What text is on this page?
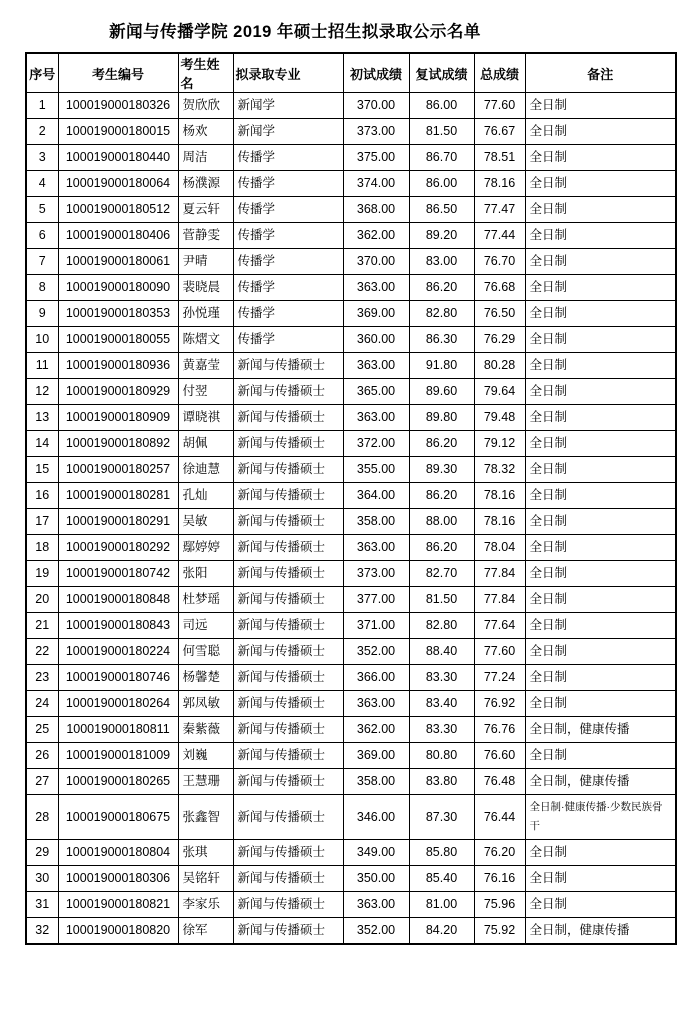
新闻与传播学院 2019 年硕士招生拟录取公示名单
序号	考生编号	考生姓名	拟录取专业	初试成绩	复试成绩	总成绩	备注
1	100019000180326	贺欣欣	新闻学	370.00	86.00	77.60	全日制
2	100019000180015	杨欢	新闻学	373.00	81.50	76.67	全日制
3	100019000180440	周洁	传播学	375.00	86.70	78.51	全日制
4	100019000180064	杨濮源	传播学	374.00	86.00	78.16	全日制
5	100019000180512	夏云轩	传播学	368.00	86.50	77.47	全日制
6	100019000180406	菅静雯	传播学	362.00	89.20	77.44	全日制
7	100019000180061	尹晴	传播学	370.00	83.00	76.70	全日制
8	100019000180090	裴晓晨	传播学	363.00	86.20	76.68	全日制
9	100019000180353	孙悦瑾	传播学	369.00	82.80	76.50	全日制
10	100019000180055	陈熠文	传播学	360.00	86.30	76.29	全日制
11	100019000180936	黄嘉莹	新闻与传播硕士	363.00	91.80	80.28	全日制
12	100019000180929	付翌	新闻与传播硕士	365.00	89.60	79.64	全日制
13	100019000180909	谭晓祺	新闻与传播硕士	363.00	89.80	79.48	全日制
14	100019000180892	胡佩	新闻与传播硕士	372.00	86.20	79.12	全日制
15	100019000180257	徐迪慧	新闻与传播硕士	355.00	89.30	78.32	全日制
16	100019000180281	孔灿	新闻与传播硕士	364.00	86.20	78.16	全日制
17	100019000180291	吴敏	新闻与传播硕士	358.00	88.00	78.16	全日制
18	100019000180292	鄢婷婷	新闻与传播硕士	363.00	86.20	78.04	全日制
19	100019000180742	张阳	新闻与传播硕士	373.00	82.70	77.84	全日制
20	100019000180848	杜梦瑶	新闻与传播硕士	377.00	81.50	77.84	全日制
21	100019000180843	司远	新闻与传播硕士	371.00	82.80	77.64	全日制
22	100019000180224	何雪聪	新闻与传播硕士	352.00	88.40	77.60	全日制
23	100019000180746	杨馨楚	新闻与传播硕士	366.00	83.30	77.24	全日制
24	100019000180264	郭凤敏	新闻与传播硕士	363.00	83.40	76.92	全日制
25	100019000180811	秦紫薇	新闻与传播硕士	362.00	83.30	76.76	全日制，健康传播
26	100019000181009	刘巍	新闻与传播硕士	369.00	80.80	76.60	全日制
27	100019000180265	王慧珊	新闻与传播硕士	358.00	83.80	76.48	全日制，健康传播
28	100019000180675	张鑫智	新闻与传播硕士	346.00	87.30	76.44	全日制·健康传播·少数民族骨干
29	100019000180804	张琪	新闻与传播硕士	349.00	85.80	76.20	全日制
30	100019000180306	吴铭轩	新闻与传播硕士	350.00	85.40	76.16	全日制
31	100019000180821	李家乐	新闻与传播硕士	363.00	81.00	75.96	全日制
32	100019000180820	徐军	新闻与传播硕士	352.00	84.20	75.92	全日制，健康传播
